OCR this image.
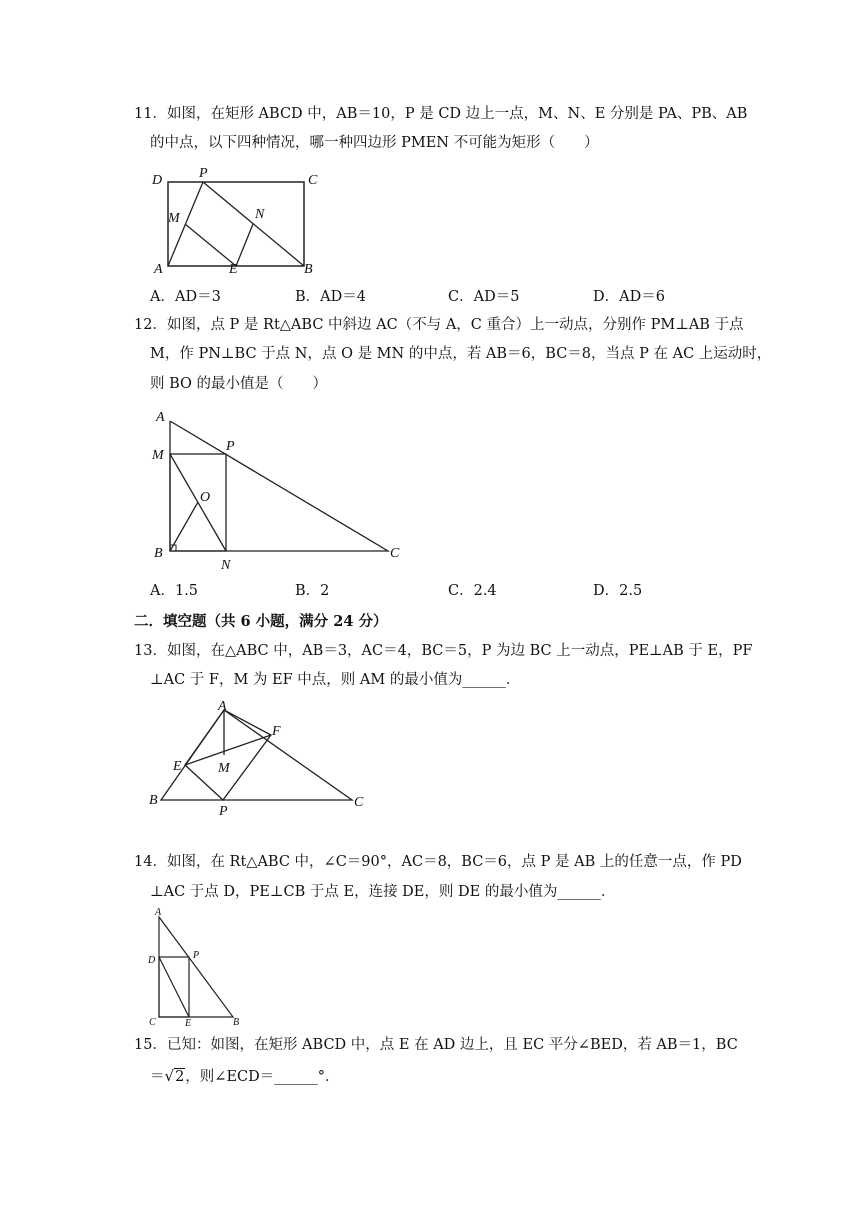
11．如图，在矩形 ABCD 中，AB＝10，P 是 CD 边上一点，M、N、E 分别是 PA、PB、AB
的中点，以下四种情况，哪一种四边形 PMEN 不可能为矩形（　　）
D	P	C
M	N
A	E	B
A．AD＝3	B．AD＝4	C．AD＝5	D．AD＝6
12．如图，点 P 是 Rt△ABC 中斜边 AC（不与 A，C 重合）上一动点，分别作 PM⊥AB 于点
M，作 PN⊥BC 于点 N，点 O 是 MN 的中点，若 AB＝6，BC＝8，当点 P 在 AC 上运动时，
则 BO 的最小值是（　　）
A
M
P
O
B
N
C
A．1.5	B．2	C．2.4	D．2.5
二．填空题（共 6 小题，满分 24 分）
13．如图，在△ABC 中，AB＝3，AC＝4，BC＝5，P 为边 BC 上一动点，PE⊥AB 于 E，PF
⊥AC 于 F，M 为 EF 中点，则 AM 的最小值为______．
A
F
E	M
B
P
C
14．如图，在 Rt△ABC 中，∠C＝90°，AC＝8，BC＝6，点 P 是 AB 上的任意一点，作 PD
⊥AC 于点 D，PE⊥CB 于点 E，连接 DE，则 DE 的最小值为______．
A
D	P
C	E	B
15．已知：如图，在矩形 ABCD 中，点 E 在 AD 边上，且 EC 平分∠BED，若 AB＝1，BC
＝√2，则∠ECD＝______°．
